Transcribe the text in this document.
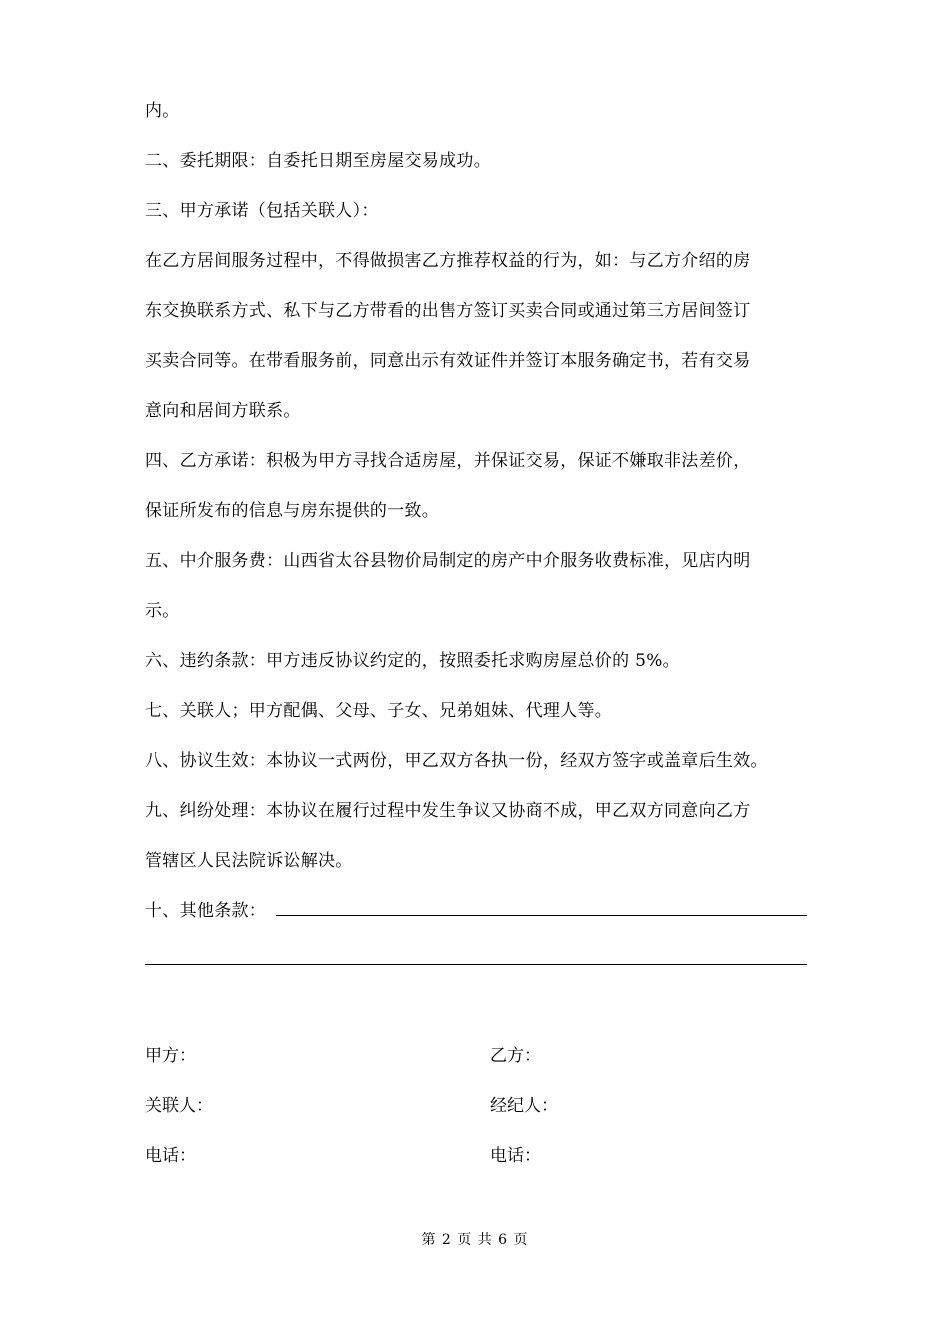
内。
二、委托期限：自委托日期至房屋交易成功。
三、甲方承诺（包括关联人）：
在乙方居间服务过程中，不得做损害乙方推荐权益的行为，如：与乙方介绍的房
东交换联系方式、私下与乙方带看的出售方签订买卖合同或通过第三方居间签订
买卖合同等。在带看服务前，同意出示有效证件并签订本服务确定书，若有交易
意向和居间方联系。
四、乙方承诺：积极为甲方寻找合适房屋，并保证交易，保证不嫌取非法差价，
保证所发布的信息与房东提供的一致。
五、中介服务费：山西省太谷县物价局制定的房产中介服务收费标准，见店内明
示。
六、违约条款：甲方违反协议约定的，按照委托求购房屋总价的 5%。
七、关联人；甲方配偶、父母、子女、兄弟姐妹、代理人等。
八、协议生效：本协议一式两份，甲乙双方各执一份，经双方签字或盖章后生效。
九、纠纷处理：本协议在履行过程中发生争议又协商不成，甲乙双方同意向乙方
管辖区人民法院诉讼解决。
十、其他条款：
甲方：	乙方：
关联人：	经纪人：
电话：	电话：
第 2 页 共 6 页
